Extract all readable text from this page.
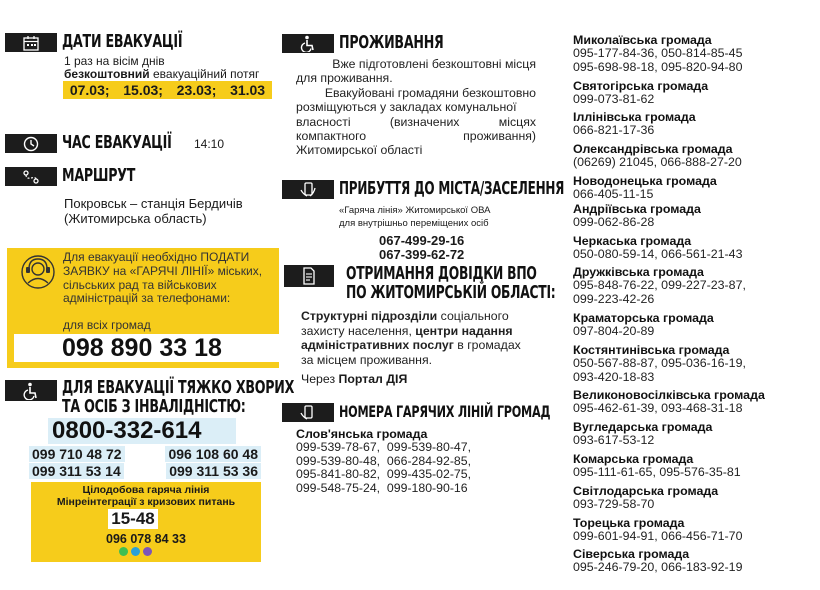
ДАТИ ЕВАКУАЦІЇ
1 раз на вісім днів
безкоштовний евакуаційний потяг
07.03; 15.03; 23.03; 31.03
ЧАС ЕВАКУАЦІЇ 14:10
МАРШРУТ
Покровськ – станція Бердичів
(Житомирська область)
Для евакуації необхідно ПОДАТИ
ЗАЯВКУ на «ГАРЯЧІ ЛІНІЇ» міських,
сільських рад та військових
адміністрацій за телефонами:
для всіх громад
098 890 33 18
ДЛЯ ЕВАКУАЦІЇ ТЯЖКО ХВОРИХ
ТА ОСІБ З ІНВАЛІДНІСТЮ:
0800-332-614
099 710 48 72	096 108 60 48
099 311 53 14	099 311 53 36
Цілодобова гаряча лінія
Мінреінтеграції з кризових питань
15-48
096 078 84 33
ПРОЖИВАННЯ
Вже підготовлені безкоштовні місця
для проживання.
Евакуйовані громадяни безкоштовно
розміщуються у закладах комунальної
власності (визначених місцях
компактного проживання)
Житомирської області
ПРИБУТТЯ ДО МІСТА/ЗАСЕЛЕННЯ
«Гаряча лінія» Житомирської ОВА
для внутрішньо переміщених осіб
067-499-29-16
067-399-62-72
ОТРИМАННЯ ДОВІДКИ ВПО
ПО ЖИТОМИРСЬКІЙ ОБЛАСТІ:
Структурні підрозділи соціального
захисту населення, центри надання
адміністративних послуг в громадах
за місцем проживання.
Через Портал ДІЯ
НОМЕРА ГАРЯЧИХ ЛІНІЙ ГРОМАД
Слов'янська громада
099-539-78-67,  099-539-80-47,
099-539-80-48,  066-284-92-85,
095-841-80-82,  099-435-02-75,
099-548-75-24,  099-180-90-16
Миколаївська громада
095-177-84-36, 050-814-85-45
095-698-98-18, 095-820-94-80
Святогірська громада
099-073-81-62
Іллінівська громада
066-821-17-36
Олександрівська громада
(06269) 21045, 066-888-27-20
Новодонецька громада
066-405-11-15
Андріївська громада
099-062-86-28
Черкаська громада
050-080-59-14, 066-561-21-43
Дружківська громада
095-848-76-22, 099-227-23-87,
099-223-42-26
Краматорська громада
097-804-20-89
Костянтинівська громада
050-567-88-87, 095-036-16-19,
093-420-18-83
Великоновосілківська громада
095-462-61-39, 093-468-31-18
Вугледарська громада
093-617-53-12
Комарська громада
095-111-61-65, 095-576-35-81
Світлодарська громада
093-729-58-70
Торецька громада
099-601-94-91, 066-456-71-70
Сіверська громада
095-246-79-20, 066-183-92-19
